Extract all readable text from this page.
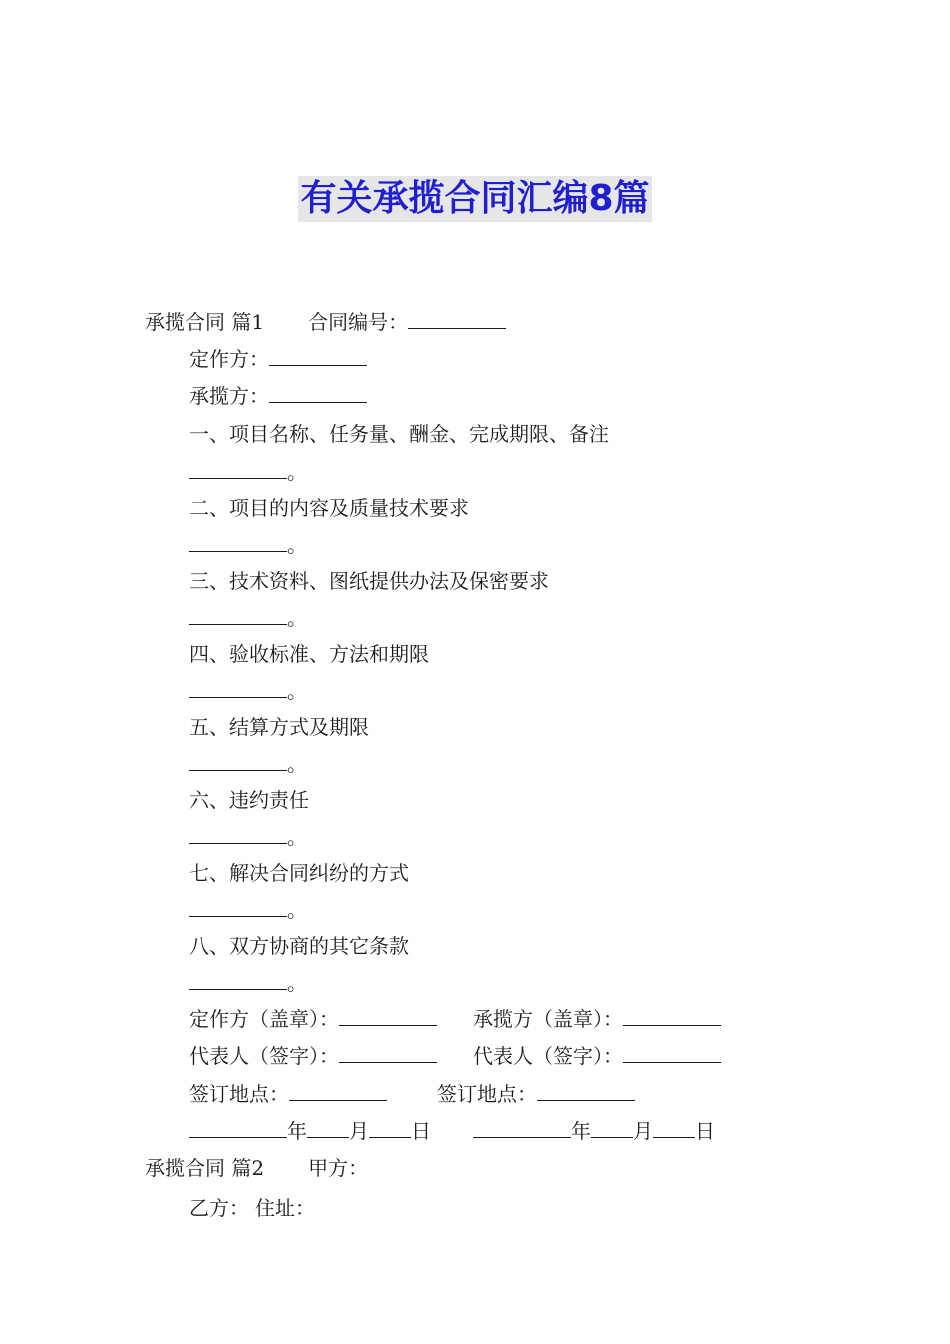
有关承揽合同汇编8篇
承揽合同 篇1 合同编号：
定作方：
承揽方：
一、项目名称、任务量、酬金、完成期限、备注
。
二、项目的内容及质量技术要求
。
三、技术资料、图纸提供办法及保密要求
。
四、验收标准、方法和期限
。
五、结算方式及期限
。
六、违约责任
。
七、解决合同纠纷的方式
。
八、双方协商的其它条款
。
定作方（盖章）：	承揽方（盖章）：
代表人（签字）：	代表人（签字）：
签订地点：	签订地点：
年 月 日	年 月 日
承揽合同 篇2 甲方：
乙方： 住址：
